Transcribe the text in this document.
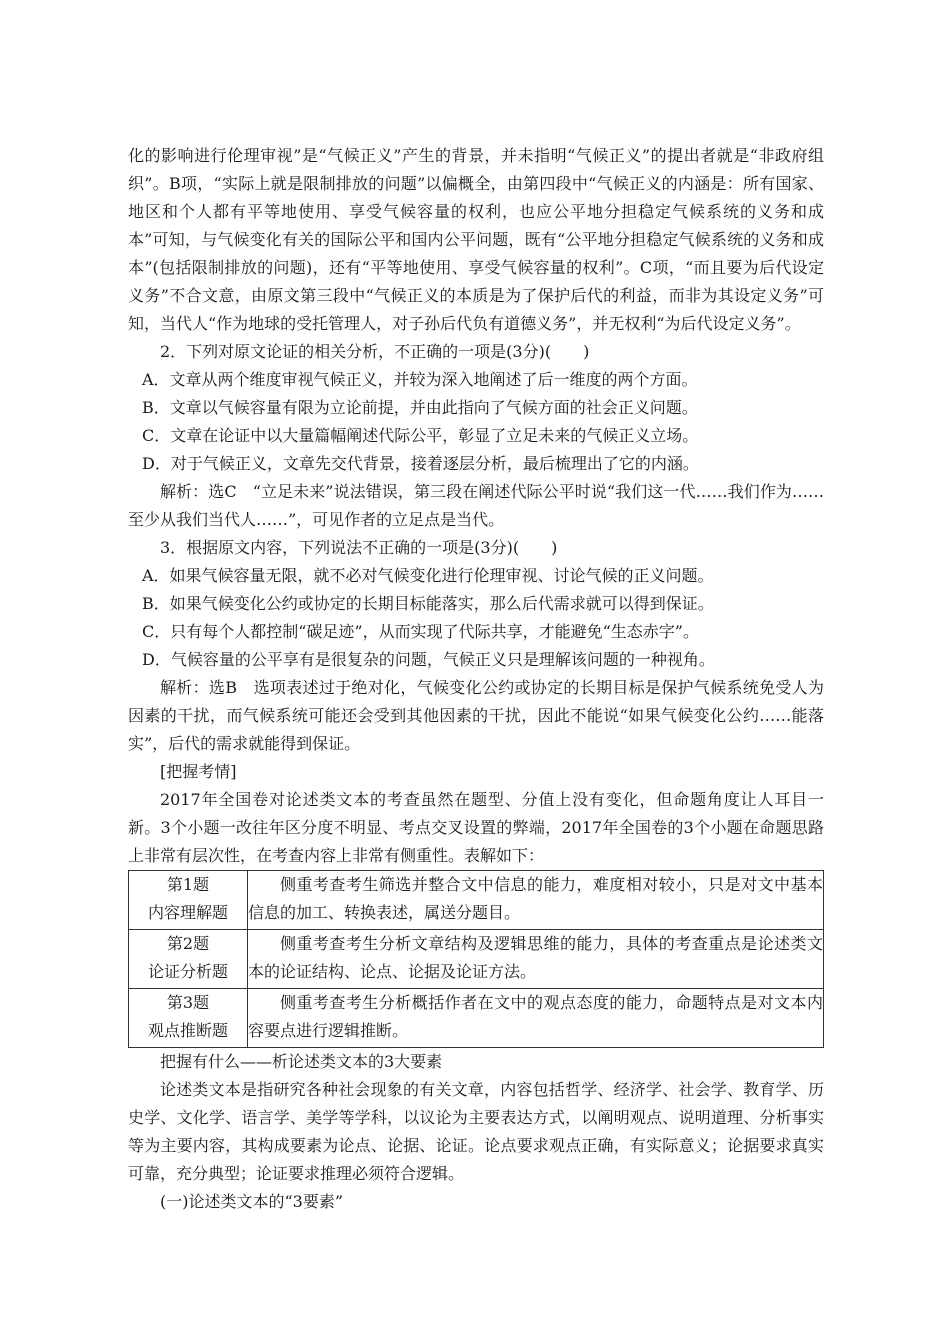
化的影响进行伦理审视”是“气候正义”产生的背景，并未指明“气候正义”的提出者就是“非政府组织”。B项，“实际上就是限制排放的问题”以偏概全，由第四段中“气候正义的内涵是：所有国家、地区和个人都有平等地使用、享受气候容量的权利，也应公平地分担稳定气候系统的义务和成本”可知，与气候变化有关的国际公平和国内公平问题，既有“公平地分担稳定气候系统的义务和成本”(包括限制排放的问题)，还有“平等地使用、享受气候容量的权利”。C项，“而且要为后代设定义务”不合文意，由原文第三段中“气候正义的本质是为了保护后代的利益，而非为其设定义务”可知，当代人“作为地球的受托管理人，对子孙后代负有道德义务”，并无权利“为后代设定义务”。

2．下列对原文论证的相关分析，不正确的一项是(3分)(　　)

A．文章从两个维度审视气候正义，并较为深入地阐述了后一维度的两个方面。

B．文章以气候容量有限为立论前提，并由此指向了气候方面的社会正义问题。

C．文章在论证中以大量篇幅阐述代际公平，彰显了立足未来的气候正义立场。

D．对于气候正义，文章先交代背景，接着逐层分析，最后梳理出了它的内涵。

解析：选C　“立足未来”说法错误，第三段在阐述代际公平时说“我们这一代……我们作为……至少从我们当代人……”，可见作者的立足点是当代。

3．根据原文内容，下列说法不正确的一项是(3分)(　　)

A．如果气候容量无限，就不必对气候变化进行伦理审视、讨论气候的正义问题。

B．如果气候变化公约或协定的长期目标能落实，那么后代需求就可以得到保证。

C．只有每个人都控制“碳足迹”，从而实现了代际共享，才能避免“生态赤字”。

D．气候容量的公平享有是很复杂的问题，气候正义只是理解该问题的一种视角。

解析：选B　选项表述过于绝对化，气候变化公约或协定的长期目标是保护气候系统免受人为因素的干扰，而气候系统可能还会受到其他因素的干扰，因此不能说“如果气候变化公约……能落实”，后代的需求就能得到保证。

[把握考情]

2017年全国卷对论述类文本的考查虽然在题型、分值上没有变化，但命题角度让人耳目一新。3个小题一改往年区分度不明显、考点交叉设置的弊端，2017年全国卷的3个小题在命题思路上非常有层次性，在考查内容上非常有侧重性。表解如下：

第1题
内容理解题	侧重考查考生筛选并整合文中信息的能力，难度相对较小，只是对文中基本信息的加工、转换表述，属送分题目。

第2题
论证分析题	侧重考查考生分析文章结构及逻辑思维的能力，具体的考查重点是论述类文本的论证结构、论点、论据及论证方法。

第3题
观点推断题	侧重考查考生分析概括作者在文中的观点态度的能力，命题特点是对文本内容要点进行逻辑推断。

把握有什么——析论述类文本的3大要素

论述类文本是指研究各种社会现象的有关文章，内容包括哲学、经济学、社会学、教育学、历史学、文化学、语言学、美学等学科，以议论为主要表达方式，以阐明观点、说明道理、分析事实等为主要内容，其构成要素为论点、论据、论证。论点要求观点正确，有实际意义；论据要求真实可靠，充分典型；论证要求推理必须符合逻辑。

(一)论述类文本的“3要素”
